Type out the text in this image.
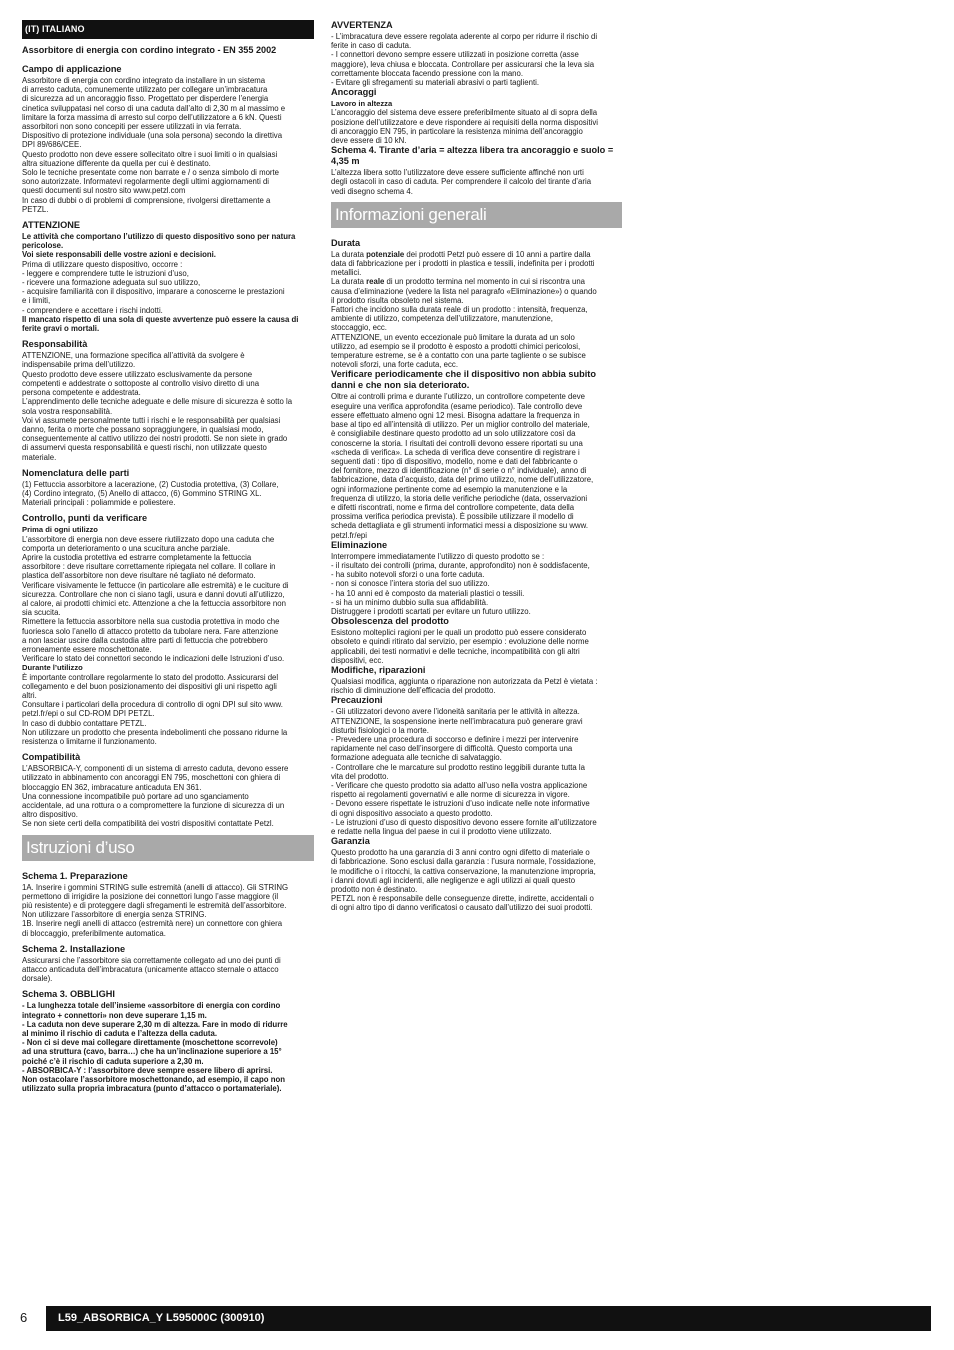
(IT) ITALIANO
Assorbitore di energia con cordino integrato - EN 355 2002
Campo di applicazione

Assorbitore di energia con cordino integrato da installare in un sistema

di arresto caduta, comunemente utilizzato per collegare un’imbracatura

di sicurezza ad un ancoraggio fisso. Progettato per disperdere l’energia

cinetica sviluppatasi nel corso di una caduta dall’alto di 2,30 m al massimo e

limitare la forza massima di arresto sul corpo dell’utilizzatore a 6 kN. Questi

assorbitori non sono concepiti per essere utilizzati in via ferrata.

Dispositivo di protezione individuale (una sola persona) secondo la direttiva

DPI 89/686/CEE.

Questo prodotto non deve essere sollecitato oltre i suoi limiti o in qualsiasi

altra situazione differente da quella per cui è destinato.

Solo le tecniche presentate come non barrate e / o senza simbolo di morte

sono autorizzate. Informatevi regolarmente degli ultimi aggiornamenti di

questi documenti sul nostro sito www.petzl.com

In caso di dubbi o di problemi di comprensione, rivolgersi direttamente a

PETZL.

ATTENZIONE

Le attività che comportano l’utilizzo di questo dispositivo sono per natura

pericolose.

Voi siete responsabili delle vostre azioni e decisioni.

Prima di utilizzare questo dispositivo, occorre :

- leggere e comprendere tutte le istruzioni d’uso,

- ricevere una formazione adeguata sul suo utilizzo,

- acquisire familiarità con il dispositivo, imparare a conoscerne le prestazioni

e i limiti,

- comprendere e accettare i rischi indotti.

Il mancato rispetto di una sola di queste avvertenze può essere la causa di

ferite gravi o mortali.

Responsabilità

ATTENZIONE, una formazione specifica all’attività da svolgere è

indispensabile prima dell’utilizzo.

Questo prodotto deve essere utilizzato esclusivamente da persone

competenti e addestrate o sottoposte al controllo visivo diretto di una

persona competente e addestrata.

L’apprendimento delle tecniche adeguate e delle misure di sicurezza è sotto la

sola vostra responsabilità.

Voi vi assumete personalmente tutti i rischi e le responsabilità per qualsiasi

danno, ferita o morte che possano sopraggiungere, in qualsiasi modo,

conseguentemente al cattivo utilizzo dei nostri prodotti. Se non siete in grado

di assumervi questa responsabilità e questi rischi, non utilizzate questo

materiale.

Nomenclatura delle parti

(1) Fettuccia assorbitore a lacerazione, (2) Custodia protettiva, (3) Collare,

(4) Cordino integrato, (5) Anello di attacco, (6) Gommino STRING XL.

Materiali principali : poliammide e poliestere.

Controllo, punti da verificare
Prima di ogni utilizzo

L’assorbitore di energia non deve essere riutilizzato dopo una caduta che

comporta un deterioramento o una scucitura anche parziale.

Aprire la custodia protettiva ed estrarre completamente la fettuccia

assorbitore : deve risultare correttamente ripiegata nel collare. Il collare in

plastica dell’assorbitore non deve risultare né tagliato né deformato.

Verificare visivamente le fettucce (in particolare alle estremità) e le cuciture di

sicurezza. Controllare che non ci siano tagli, usura e danni dovuti all’utilizzo,

al calore, ai prodotti chimici etc. Attenzione a che la fettuccia assorbitore non

sia scucita.

Rimettere la fettuccia assorbitore nella sua custodia protettiva in modo che

fuoriesca solo l’anello di attacco protetto da tubolare nera. Fare attenzione

a non lasciar uscire dalla custodia altre parti di fettuccia che potrebbero

erroneamente essere moschettonate.

Verificare lo stato dei connettori secondo le indicazioni delle Istruzioni d’uso.

Durante l’utilizzo

È importante controllare regolarmente lo stato del prodotto. Assicurarsi del

collegamento e del buon posizionamento dei dispositivi gli uni rispetto agli

altri.

Consultare i particolari della procedura di controllo di ogni DPI sul sito www.

petzl.fr/epi o sul CD-ROM DPI PETZL.

In caso di dubbio contattare PETZL.

Non utilizzare un prodotto che presenta indebolimenti che possano ridurne la

resistenza o limitarne il funzionamento.

Compatibilità

L’ABSORBICA-Y, componenti di un sistema di arresto caduta, devono essere

utilizzato in abbinamento con ancoraggi EN 795, moschettoni con ghiera di

bloccaggio EN 362, imbracature anticaduta EN 361.

Una connessione incompatibile può portare ad uno sganciamento

accidentale, ad una rottura o a compromettere la funzione di sicurezza di un

altro dispositivo.

Se non siete certi della compatibilità dei vostri dispositivi contattate Petzl.

Istruzioni d’uso
Schema 1. Preparazione

1A. Inserire i gommini STRING sulle estremità (anelli di attacco). Gli STRING

permettono di irrigidire la posizione dei connettori lungo l’asse maggiore (il

più resistente) e di proteggere dagli sfregamenti le estremità dell’assorbitore.

Non utilizzare l’assorbitore di energia senza STRING.

1B. Inserire negli anelli di attacco (estremità nere) un connettore con ghiera

di bloccaggio, preferibilmente automatica.

Schema 2. Installazione

Assicurarsi che l’assorbitore sia correttamente collegato ad uno dei punti di

attacco anticaduta dell’imbracatura (unicamente attacco sternale o attacco

dorsale).

Schema 3. OBBLIGHI

- La lunghezza totale dell’insieme «assorbitore di energia con cordino

integrato + connettori» non deve superare 1,15 m.

- La caduta non deve superare 2,30 m di altezza. Fare in modo di ridurre

al minimo il rischio di caduta e l’altezza della caduta.

- Non ci si deve mai collegare direttamente (moschettone scorrevole)

ad una struttura (cavo, barra…) che ha un’inclinazione superiore a 15°

poiché c’è il rischio di caduta superiore a 2,30 m.

- ABSORBICA-Y : l’assorbitore deve sempre essere libero di aprirsi.

Non ostacolare l’assorbitore moschettonando, ad esempio, il capo non

utilizzato sulla propria imbracatura (punto d’attacco o portamateriale).

AVVERTENZA

- L’imbracatura deve essere regolata aderente al corpo per ridurre il rischio di

ferite in caso di caduta.

- I connettori devono sempre essere utilizzati in posizione corretta (asse

maggiore), leva chiusa e bloccata. Controllare per assicurarsi che la leva sia

correttamente bloccata facendo pressione con la mano.

- Evitare gli sfregamenti su materiali abrasivi o parti taglienti.

Ancoraggi
Lavoro in altezza

L’ancoraggio del sistema deve essere preferibilmente situato al di sopra della

posizione dell’utilizzatore e deve rispondere ai requisiti della norma dispositivi

di ancoraggio EN 795, in particolare la resistenza minima dell’ancoraggio

deve essere di 10 kN.

Schema 4. Tirante d’aria = altezza libera tra ancoraggio e suolo = 4,35 m

L’altezza libera sotto l’utilizzatore deve essere sufficiente affinché non urti

degli ostacoli in caso di caduta. Per comprendere il calcolo del tirante d’aria

vedi disegno schema 4.

Informazioni generali
Durata

La durata potenziale dei prodotti Petzl può essere di 10 anni a partire dalla

data di fabbricazione per i prodotti in plastica e tessili, indefinita per i prodotti

metallici.

La durata reale di un prodotto termina nel momento in cui si riscontra una

causa d’eliminazione (vedere la lista nel paragrafo «Eliminazione») o quando

il prodotto risulta obsoleto nel sistema.

Fattori che incidono sulla durata reale di un prodotto : intensità, frequenza,

ambiente di utilizzo, competenza dell’utilizzatore, manutenzione,

stoccaggio, ecc.

ATTENZIONE, un evento eccezionale può limitare la durata ad un solo

utilizzo, ad esempio se il prodotto è esposto a prodotti chimici pericolosi,

temperature estreme, se è a contatto con una parte tagliente o se subisce

notevoli sforzi, una forte caduta, ecc.

Verificare periodicamente che il dispositivo non abbia subito danni e che non sia deteriorato.

Oltre ai controlli prima e durante l’utilizzo, un controllore competente deve

eseguire una verifica approfondita (esame periodico). Tale controllo deve

essere effettuato almeno ogni 12 mesi. Bisogna adattare la frequenza in

base al tipo ed all’intensità di utilizzo. Per un miglior controllo del materiale,

è consigliabile destinare questo prodotto ad un solo utilizzatore così da

conoscerne la storia. I risultati dei controlli devono essere riportati su una

«scheda di verifica». La scheda di verifica deve consentire di registrare i

seguenti dati : tipo di dispositivo, modello, nome e dati del fabbricante o

del fornitore, mezzo di identificazione (n° di serie o n° individuale), anno di

fabbricazione, data d’acquisto, data del primo utilizzo, nome dell’utilizzatore,

ogni informazione pertinente come ad esempio la manutenzione e la

frequenza di utilizzo, la storia delle verifiche periodiche (data, osservazioni

e difetti riscontrati, nome e firma del controllore competente, data della

prossima verifica periodica prevista). È possibile utilizzare il modello di

scheda dettagliata e gli strumenti informatici messi a disposizione su www.

petzl.fr/epi

Eliminazione

Interrompere immediatamente l’utilizzo di questo prodotto se :

- il risultato dei controlli (prima, durante, approfondito) non è soddisfacente,

- ha subito notevoli sforzi o una forte caduta.

- non si conosce l’intera storia del suo utilizzo.

- ha 10 anni ed è composto da materiali plastici o tessili.

- si ha un minimo dubbio sulla sua affidabilità.

Distruggere i prodotti scartati per evitare un futuro utilizzo.

Obsolescenza del prodotto

Esistono molteplici ragioni per le quali un prodotto può essere considerato

obsoleto e quindi ritirato dal servizio, per esempio : evoluzione delle norme

applicabili, dei testi normativi e delle tecniche, incompatibilità con gli altri

dispositivi, ecc.

Modifiche, riparazioni

Qualsiasi modifica, aggiunta o riparazione non autorizzata da Petzl è vietata :

rischio di diminuzione dell’efficacia del prodotto.

Precauzioni

- Gli utilizzatori devono avere l’idoneità sanitaria per le attività in altezza.

ATTENZIONE, la sospensione inerte nell’imbracatura può generare gravi

disturbi fisiologici o la morte.

- Prevedere una procedura di soccorso e definire i mezzi per intervenire

rapidamente nel caso dell’insorgere di difficoltà. Questo comporta una

formazione adeguata alle tecniche di salvataggio.

- Controllare che le marcature sul prodotto restino leggibili durante tutta la

vita del prodotto.

- Verificare che questo prodotto sia adatto all’uso nella vostra applicazione

rispetto ai regolamenti governativi e alle norme di sicurezza in vigore.

- Devono essere rispettate le istruzioni d’uso indicate nelle note informative

di ogni dispositivo associato a questo prodotto.

- Le istruzioni d’uso di questo dispositivo devono essere fornite all’utilizzatore

e redatte nella lingua del paese in cui il prodotto viene utilizzato.

Garanzia

Questo prodotto ha una garanzia di 3 anni contro ogni difetto di materiale o

di fabbricazione. Sono esclusi dalla garanzia : l’usura normale, l’ossidazione,

le modifiche o i ritocchi, la cattiva conservazione, la manutenzione impropria,

i danni dovuti agli incidenti, alle negligenze e agli utilizzi ai quali questo

prodotto non è destinato.

PETZL non è responsabile delle conseguenze dirette, indirette, accidentali o

di ogni altro tipo di danno verificatosi o causato dall’utilizzo dei suoi prodotti.

6	L59_ABSORBICA_Y L595000C (300910)
